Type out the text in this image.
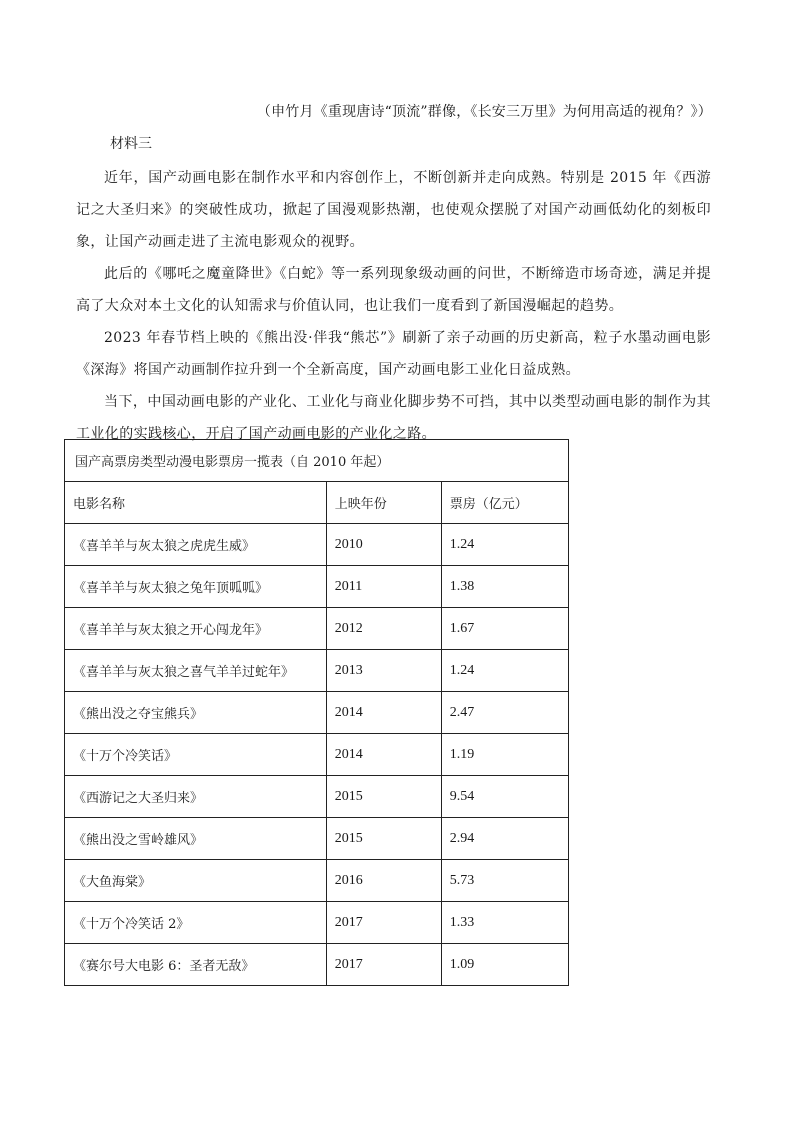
（申竹月《重现唐诗“顶流”群像，《长安三万里》为何用高适的视角？》）
材料三

近年，国产动画电影在制作水平和内容创作上，不断创新并走向成熟。特别是 2015 年《西游记之大圣归来》的突破性成功，掀起了国漫观影热潮，也使观众摆脱了对国产动画低幼化的刻板印象，让国产动画走进了主流电影观众的视野。

此后的《哪吒之魔童降世》《白蛇》等一系列现象级动画的问世，不断缔造市场奇迹，满足并提高了大众对本土文化的认知需求与价值认同，也让我们一度看到了新国漫崛起的趋势。

2023 年春节档上映的《熊出没·伴我“熊芯”》刷新了亲子动画的历史新高，粒子水墨动画电影《深海》将国产动画制作拉升到一个全新高度，国产动画电影工业化日益成熟。

当下，中国动画电影的产业化、工业化与商业化脚步势不可挡，其中以类型动画电影的制作为其工业化的实践核心，开启了国产动画电影的产业化之路。

国产高票房类型动漫电影票房一揽表（自 2010 年起）		
电影名称	上映年份	票房（亿元）
《喜羊羊与灰太狼之虎虎生威》	2010	1.24
《喜羊羊与灰太狼之兔年顶呱呱》	2011	1.38
《喜羊羊与灰太狼之开心闯龙年》	2012	1.67
《喜羊羊与灰太狼之喜气羊羊过蛇年》	2013	1.24
《熊出没之夺宝熊兵》	2014	2.47
《十万个冷笑话》	2014	1.19
《西游记之大圣归来》	2015	9.54
《熊出没之雪岭雄风》	2015	2.94
《大鱼海棠》	2016	5.73
《十万个冷笑话 2》	2017	1.33
《赛尔号大电影 6：圣者无敌》	2017	1.09
